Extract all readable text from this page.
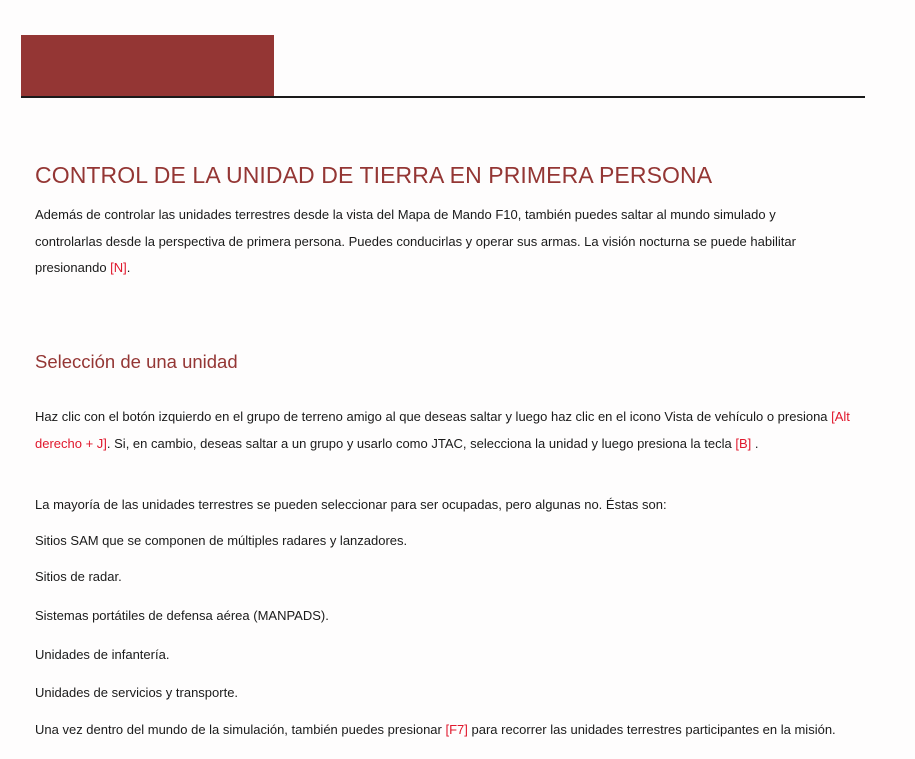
CONTROL DE LA UNIDAD DE TIERRA EN PRIMERA PERSONA

Además de controlar las unidades terrestres desde la vista del Mapa de Mando F10, también puedes saltar al mundo simulado y controlarlas desde la perspectiva de primera persona. Puedes conducirlas y operar sus armas. La visión nocturna se puede habilitar presionando [N].

Selección de una unidad

Haz clic con el botón izquierdo en el grupo de terreno amigo al que deseas saltar y luego haz clic en el icono Vista de vehículo o presiona [Alt derecho + J]. Si, en cambio, deseas saltar a un grupo y usarlo como JTAC, selecciona la unidad y luego presiona la tecla [B] .

La mayoría de las unidades terrestres se pueden seleccionar para ser ocupadas, pero algunas no. Éstas son:

Sitios SAM que se componen de múltiples radares y lanzadores.

Sitios de radar.

Sistemas portátiles de defensa aérea (MANPADS).

Unidades de infantería.

Unidades de servicios y transporte.

Una vez dentro del mundo de la simulación, también puedes presionar [F7] para recorrer las unidades terrestres participantes en la misión.
